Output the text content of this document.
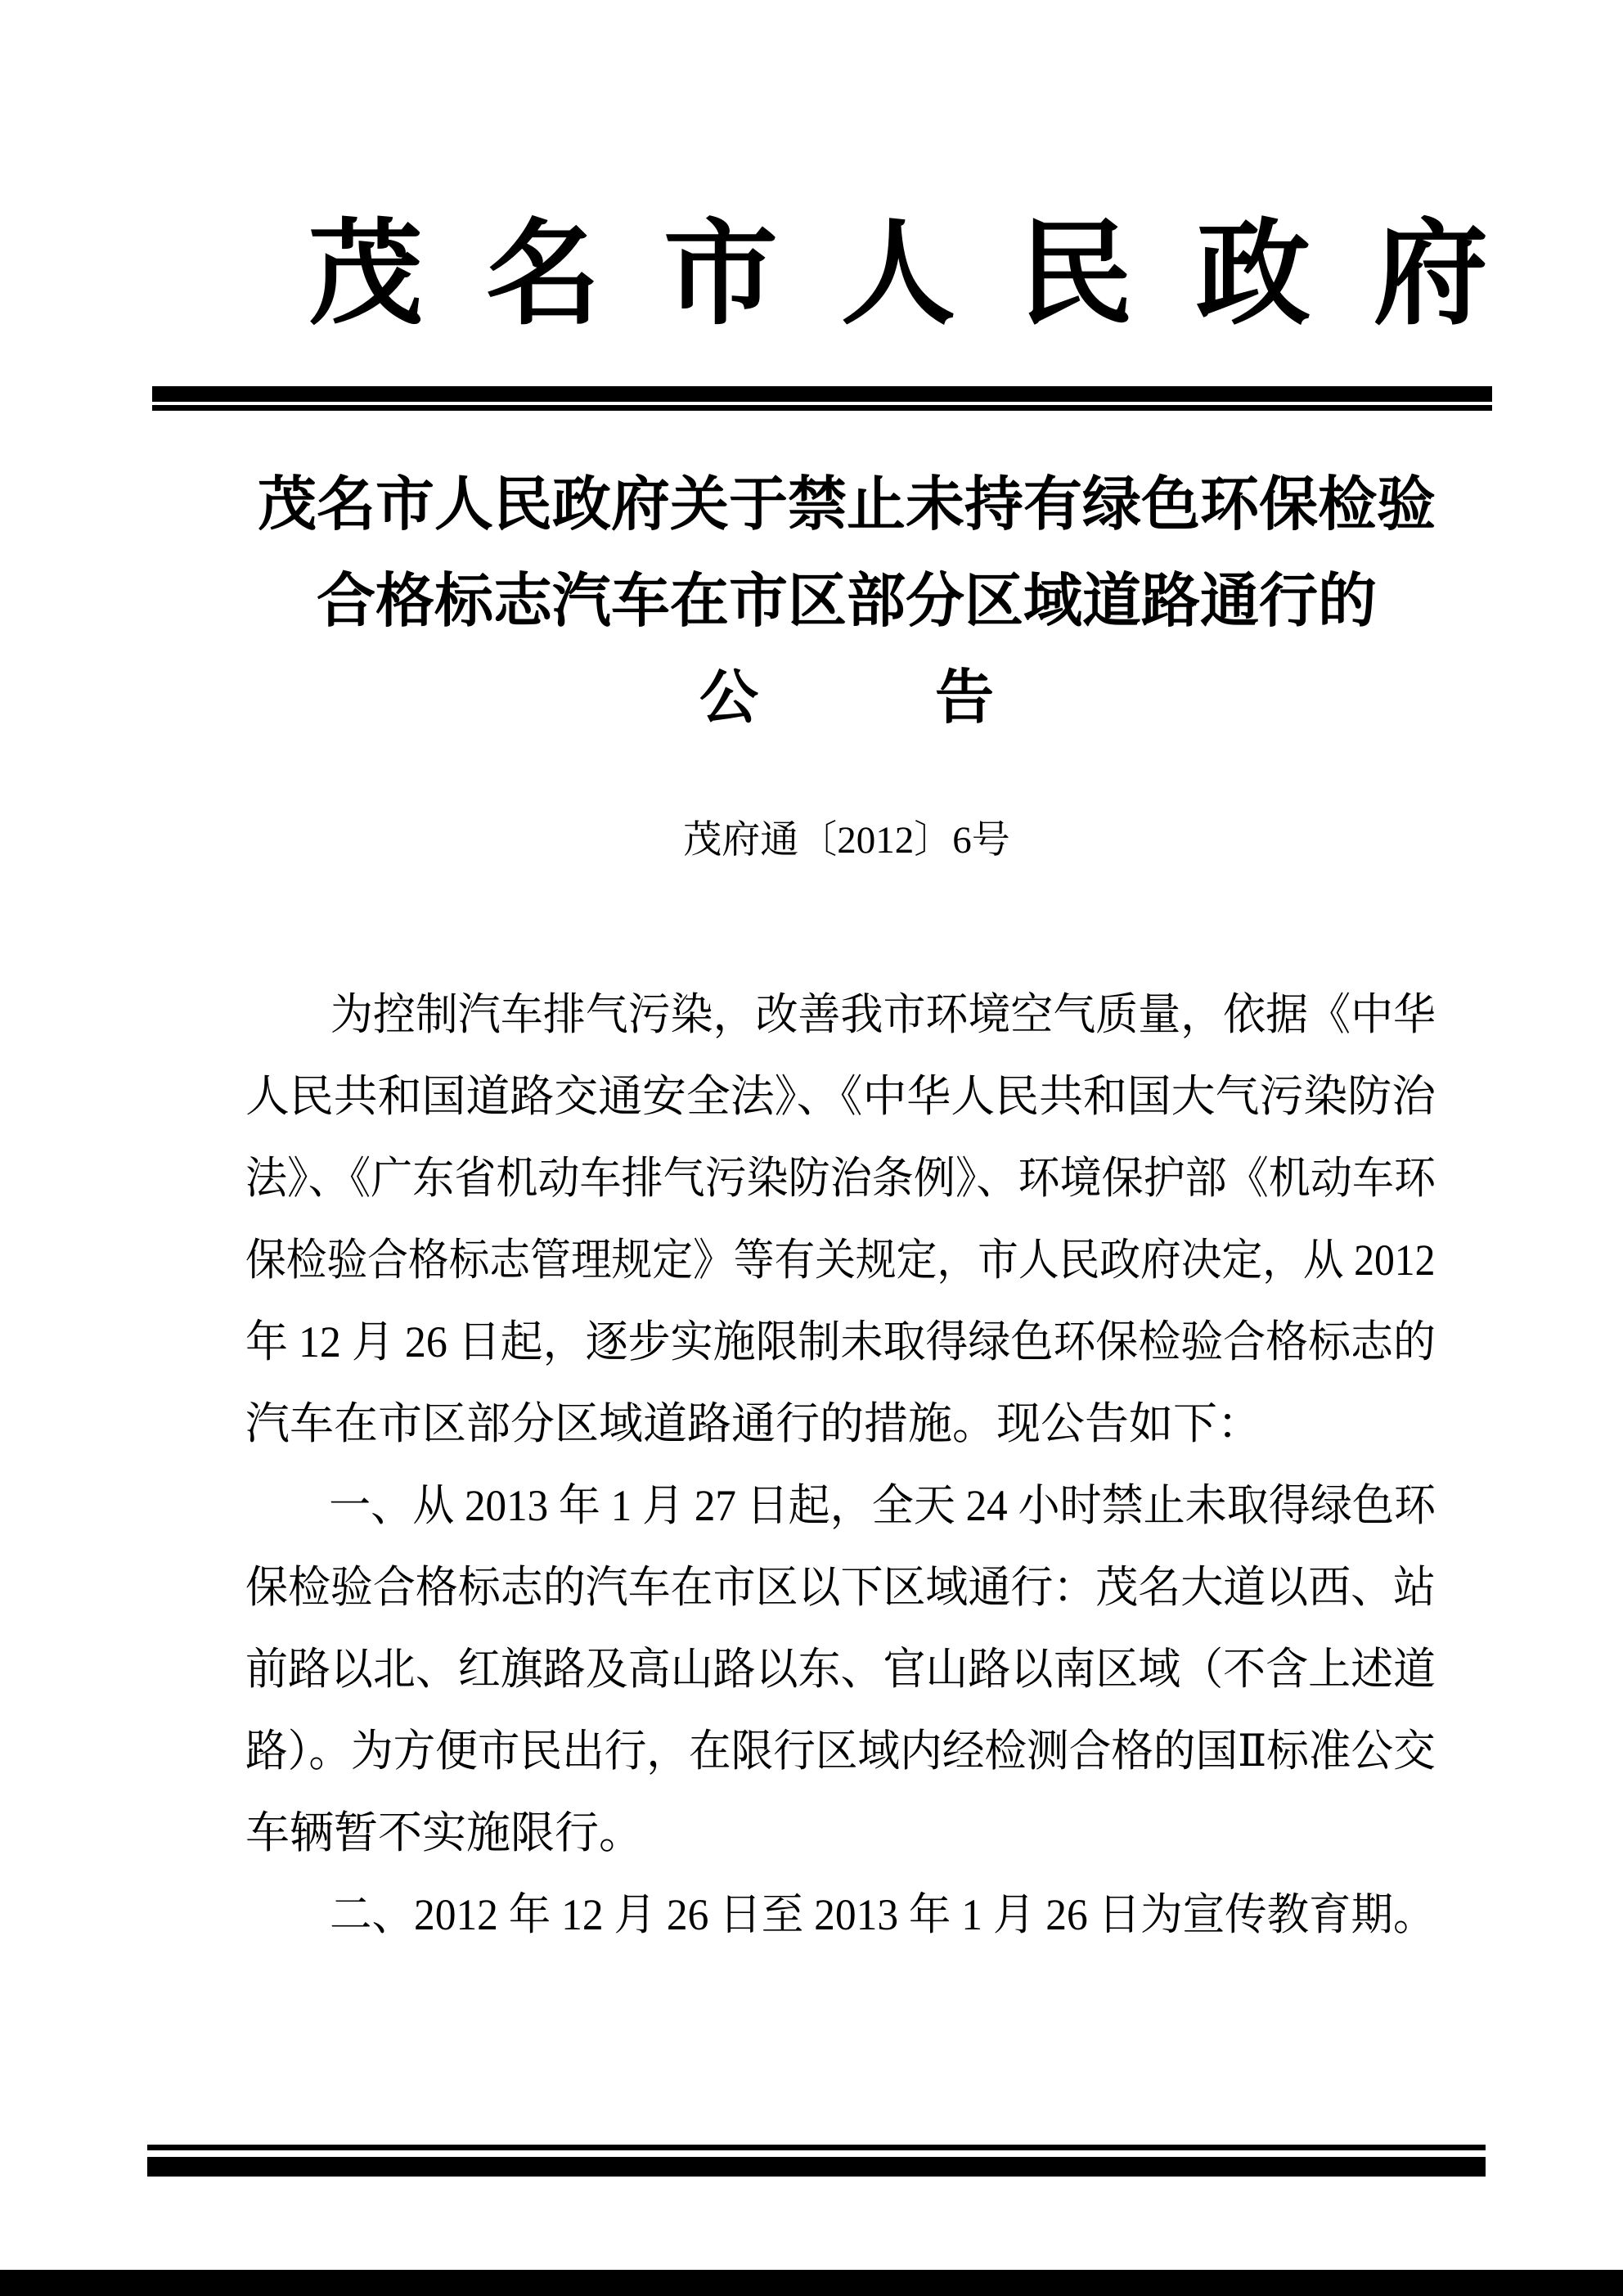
茂名市人民政府
茂名市人民政府关于禁止未持有绿色环保检验
合格标志汽车在市区部分区域道路通行的
公　　　告
茂府通〔2012〕6号
为控制汽车排气污染，改善我市环境空气质量，依据《中华
人民共和国道路交通安全法》、《中华人民共和国大气污染防治
法》、《广东省机动车排气污染防治条例》、环境保护部《机动车环
保检验合格标志管理规定》等有关规定，市人民政府决定，从 2012
年 12 月 26 日起，逐步实施限制未取得绿色环保检验合格标志的
汽车在市区部分区域道路通行的措施。现公告如下：
一、从 2013 年 1 月 27 日起，全天 24 小时禁止未取得绿色环
保检验合格标志的汽车在市区以下区域通行：茂名大道以西、站
前路以北、红旗路及高山路以东、官山路以南区域（不含上述道
路）。为方便市民出行，在限行区域内经检测合格的国Ⅱ标准公交
车辆暂不实施限行。
二、2012 年 12 月 26 日至 2013 年 1 月 26 日为宣传教育期。
